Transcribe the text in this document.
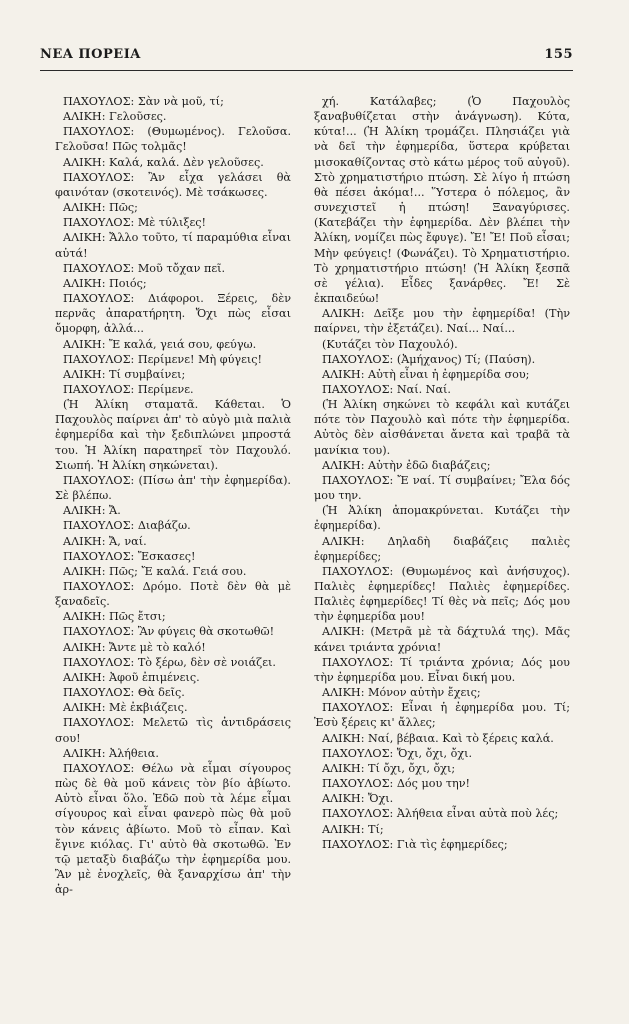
ΝΕΑ ΠΟΡΕΙΑ	155

ΠΑΧΟΥΛΟΣ: Σὰν νὰ μοῦ, τί;

ΑΛΙΚΗ: Γελοῦσες.

ΠΑΧΟΥΛΟΣ: (Θυμωμένος). Γελοῦσα. Γελοῦσα! Πῶς τολμᾶς!

ΑΛΙΚΗ: Καλά, καλά. Δὲν γελοῦσες.

ΠΑΧΟΥΛΟΣ: Ἂν εἶχα γελάσει θὰ φαινόταν (σκοτεινός). Μὲ τσάκωσες.

ΑΛΙΚΗ: Πῶς;

ΠΑΧΟΥΛΟΣ: Μὲ τύλιξες!

ΑΛΙΚΗ: Ἄλλο τοῦτο, τί παραμύθια εἶναι αὐτά!

ΠΑΧΟΥΛΟΣ: Μοῦ τὄχαν πεῖ.

ΑΛΙΚΗ: Ποιός;

ΠΑΧΟΥΛΟΣ: Διάφοροι. Ξέρεις, δὲν περνᾶς ἀπαρατήρητη. Ὄχι πὼς εἶσαι ὄμορφη, ἀλλά...

ΑΛΙΚΗ: Ἔ καλά, γειά σου, φεύγω.

ΠΑΧΟΥΛΟΣ: Περίμενε! Μὴ φύγεις!

ΑΛΙΚΗ: Τί συμβαίνει;

ΠΑΧΟΥΛΟΣ: Περίμενε.

(Ἡ Ἀλίκη σταματᾶ. Κάθεται. Ὁ Παχουλὸς παίρνει ἀπ' τὸ αὐγὸ μιὰ παλιὰ ἐφημερίδα καὶ τὴν ξεδιπλώνει μπροστά του. Ἡ Ἀλίκη παρατηρεῖ τὸν Παχουλό. Σιωπή. Ἡ Ἀλίκη σηκώνεται).

ΠΑΧΟΥΛΟΣ: (Πίσω ἀπ' τὴν ἐφημερίδα). Σὲ βλέπω.

ΑΛΙΚΗ: Ἄ.

ΠΑΧΟΥΛΟΣ: Διαβάζω.

ΑΛΙΚΗ: Ἄ, ναί.

ΠΑΧΟΥΛΟΣ: Ἔσκασες!

ΑΛΙΚΗ: Πῶς; Ἔ καλά. Γειά σου.

ΠΑΧΟΥΛΟΣ: Δρόμο. Ποτὲ δὲν θὰ μὲ ξαναδεῖς.

ΑΛΙΚΗ: Πῶς ἔτσι;

ΠΑΧΟΥΛΟΣ: Ἂν φύγεις θὰ σκοτωθῶ!

ΑΛΙΚΗ: Ἄντε μὲ τὸ καλό!

ΠΑΧΟΥΛΟΣ: Τὸ ξέρω, δὲν σὲ νοιάζει.

ΑΛΙΚΗ: Ἀφοῦ ἐπιμένεις.

ΠΑΧΟΥΛΟΣ: Θὰ δεῖς.

ΑΛΙΚΗ: Μὲ ἐκβιάζεις.

ΠΑΧΟΥΛΟΣ: Μελετῶ τὶς ἀντιδράσεις σου!

ΑΛΙΚΗ: Ἀλήθεια.

ΠΑΧΟΥΛΟΣ: Θέλω νὰ εἶμαι σίγουρος πὼς δὲ θὰ μοῦ κάνεις τὸν βίο ἀβίωτο. Αὐτὸ εἶναι ὅλο. Ἐδῶ ποὺ τὰ λέμε εἶμαι σίγουρος καὶ εἶναι φανερὸ πὼς θὰ μοῦ τὸν κάνεις ἀβίωτο. Μοῦ τὸ εἶπαν. Καὶ ἔγινε κιόλας. Γι' αὐτὸ θὰ σκοτωθῶ. Ἐν τῷ μεταξὺ διαβάζω τὴν ἐφημερίδα μου. Ἂν μὲ ἐνοχλεῖς, θὰ ξαναρχίσω ἀπ' τὴν ἀρ-

χή. Κατάλαβες; (Ὁ Παχουλὸς ξαναβυθίζεται στὴν ἀνάγνωση). Κύτα, κύτα!... (Ἡ Ἀλίκη τρομάζει. Πλησιάζει γιὰ νὰ δεῖ τὴν ἐφημερίδα, ὕστερα κρύβεται μισοκαθίζοντας στὸ κάτω μέρος τοῦ αὐγοῦ). Στὸ χρηματιστήριο πτώση. Σὲ λίγο ἡ πτώση θὰ πέσει ἀκόμα!... Ὕστερα ὁ πόλεμος, ἂν συνεχιστεῖ ἡ πτώση! Ξαναγύρισες. (Κατεβάζει τὴν ἐφημερίδα. Δὲν βλέπει τὴν Ἀλίκη, νομίζει πὼς ἔφυγε). Ἔ! Ἔ! Ποῦ εἶσαι; Μὴν φεύγεις! (Φωνάζει). Τὸ Χρηματιστήριο. Τὸ χρηματιστήριο πτώση! (Ἡ Ἀλίκη ξεσπᾶ σὲ γέλια). Εἶδες ξανάρθες. Ἔ! Σὲ ἐκπαιδεύω!

ΑΛΙΚΗ: Δεῖξε μου τὴν ἐφημερίδα! (Τὴν παίρνει, τὴν ἐξετάζει). Ναί... Ναί...

(Κυτάζει τὸν Παχουλό).

ΠΑΧΟΥΛΟΣ: (Ἀμήχανος) Τί; (Παύση).

ΑΛΙΚΗ: Αὐτὴ εἶναι ἡ ἐφημερίδα σου;

ΠΑΧΟΥΛΟΣ: Ναί. Ναί.

(Ἡ Ἀλίκη σηκώνει τὸ κεφάλι καὶ κυτάζει πότε τὸν Παχουλὸ καὶ πότε τὴν ἐφημερίδα. Αὐτὸς δὲν αἰσθάνεται ἄνετα καὶ τραβᾶ τὰ μανίκια του).

ΑΛΙΚΗ: Αὐτὴν ἐδῶ διαβάζεις;

ΠΑΧΟΥΛΟΣ: Ἔ ναί. Τί συμβαίνει; Ἔλα δός μου την.

(Ἡ Ἀλίκη ἀπομακρύνεται. Κυτάζει τὴν ἐφημερίδα).

ΑΛΙΚΗ: Δηλαδὴ διαβάζεις παλιὲς ἐφημερίδες;

ΠΑΧΟΥΛΟΣ: (Θυμωμένος καὶ ἀνήσυχος). Παλιὲς ἐφημερίδες! Παλιὲς ἐφημερίδες. Παλιὲς ἐφημερίδες! Τί θὲς νὰ πεῖς; Δός μου τὴν ἐφημερίδα μου!

ΑΛΙΚΗ: (Μετρᾶ μὲ τὰ δάχτυλά της). Μᾶς κάνει τριάντα χρόνια!

ΠΑΧΟΥΛΟΣ: Τί τριάντα χρόνια; Δός μου τὴν ἐφημερίδα μου. Εἶναι δική μου.

ΑΛΙΚΗ: Μόνον αὐτὴν ἔχεις;

ΠΑΧΟΥΛΟΣ: Εἶναι ἡ ἐφημερίδα μου. Τί; Ἐσὺ ξέρεις κι' ἄλλες;

ΑΛΙΚΗ: Ναί, βέβαια. Καὶ τὸ ξέρεις καλά.

ΠΑΧΟΥΛΟΣ: Ὄχι, ὄχι, ὄχι.

ΑΛΙΚΗ: Τί ὄχι, ὄχι, ὄχι;

ΠΑΧΟΥΛΟΣ: Δός μου την!

ΑΛΙΚΗ: Ὄχι.

ΠΑΧΟΥΛΟΣ: Ἀλήθεια εἶναι αὐτὰ ποὺ λές;

ΑΛΙΚΗ: Τί;

ΠΑΧΟΥΛΟΣ: Γιὰ τὶς ἐφημερίδες;
